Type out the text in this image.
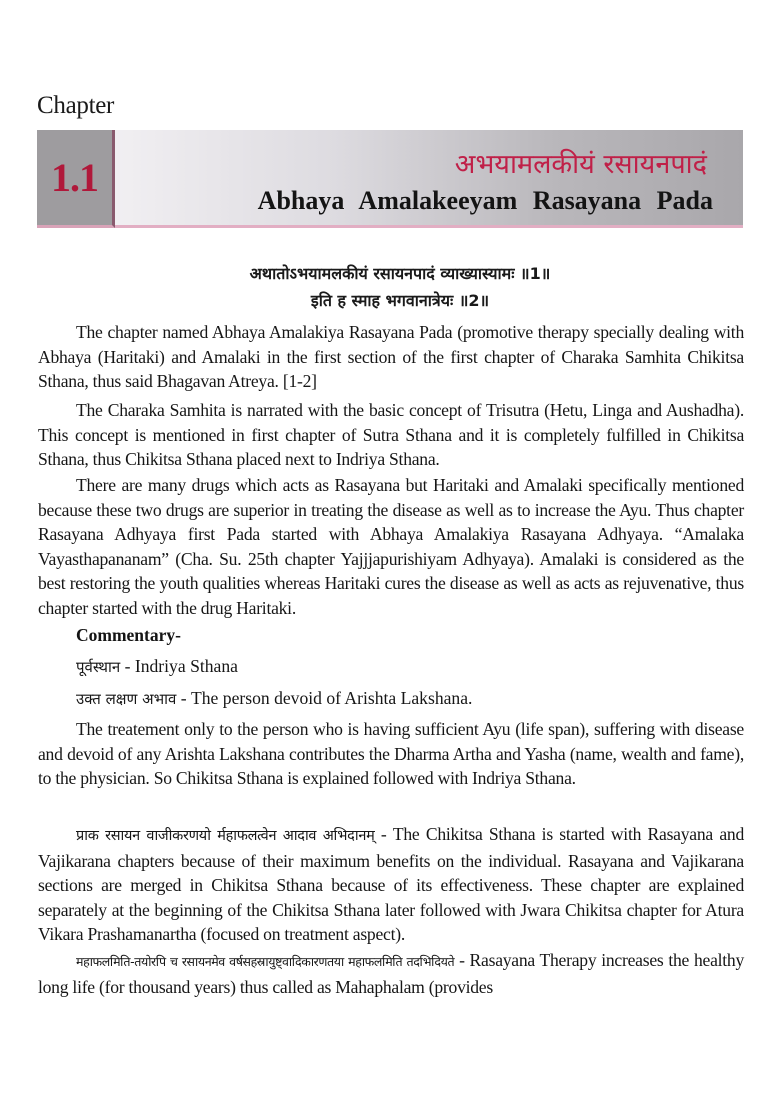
Chapter
1.1	अभयामलकीयं रसायनपादं
Abhaya Amalakeeyam Rasayana Pada
अथातोऽभयामलकीयं रसायनपादं व्याख्यास्यामः ॥1॥
इति ह स्माह भगवानात्रेयः ॥2॥

The chapter named Abhaya Amalakiya Rasayana Pada (promotive therapy specially dealing with Abhaya (Haritaki) and Amalaki in the first section of the first chapter of Charaka Samhita Chikitsa Sthana, thus said Bhagavan Atreya. [1-2]

The Charaka Samhita is narrated with the basic concept of Trisutra (Hetu, Linga and Aushadha). This concept is mentioned in first chapter of Sutra Sthana and it is completely fulfilled in Chikitsa Sthana, thus Chikitsa Sthana placed next to Indriya Sthana.

There are many drugs which acts as Rasayana but Haritaki and Amalaki specifically mentioned because these two drugs are superior in treating the disease as well as to increase the Ayu. Thus chapter Rasayana Adhyaya first Pada started with Abhaya Amalakiya Rasayana Adhyaya. “Amalaka Vayasthapananam” (Cha. Su. 25th chapter Yajjjapurishiyam Adhyaya). Amalaki is considered as the best restoring the youth qualities whereas Haritaki cures the disease as well as acts as rejuvenative, thus chapter started with the drug Haritaki.

Commentary-
पूर्वस्थान - Indriya Sthana
उक्त लक्षण अभाव - The person devoid of Arishta Lakshana.

The treatement only to the person who is having sufficient Ayu (life span), suffering with disease and devoid of any Arishta Lakshana contributes the Dharma Artha and Yasha (name, wealth and fame), to the physician. So Chikitsa Sthana is explained followed with Indriya Sthana.

प्राक रसायन वाजीकरणयो र्महाफलत्वेन आदाव अभिदानम् - The Chikitsa Sthana is started with Rasayana and Vajikarana chapters because of their maximum benefits on the individual. Rasayana and Vajikarana sections are merged in Chikitsa Sthana because of its effectiveness. These chapter are explained separately at the beginning of the Chikitsa Sthana later followed with Jwara Chikitsa chapter for Atura Vikara Prashamanartha (focused on treatment aspect).

महाफलमिति-तयोरपि च रसायनमेव वर्षसहस्रायुष्ट्वादिकारणतया महाफलमिति तदभिदियते - Rasayana Therapy increases the healthy long life (for thousand years) thus called as Mahaphalam (provides
